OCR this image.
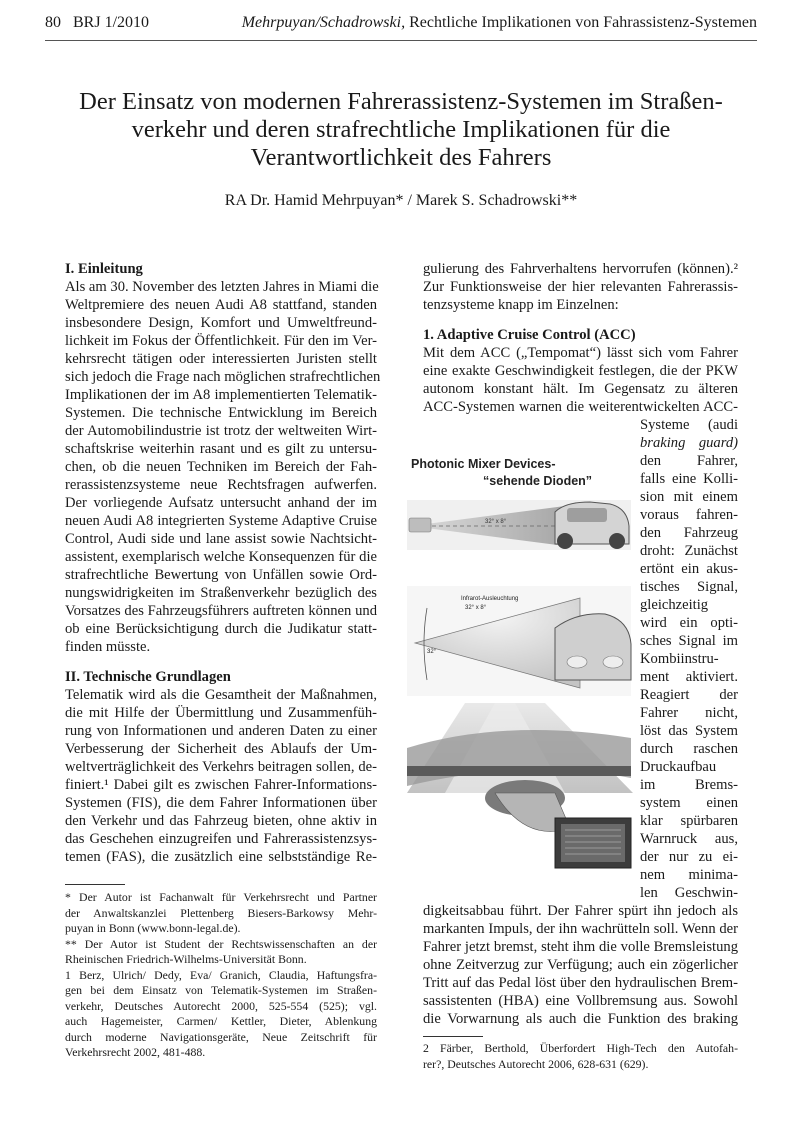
80 BRJ 1/2010	Mehrpuyan/Schadrowski, Rechtliche Implikationen von Fahrassistenz-Systemen
Der Einsatz von modernen Fahrerassistenz-Systemen im Straßen-
verkehr und deren strafrechtliche Implikationen für die
Verantwortlichkeit des Fahrers
RA Dr. Hamid Mehrpuyan* / Marek S. Schadrowski**
I. Einleitung
Als am 30. November des letzten Jahres in Miami die
Weltpremiere des neuen Audi A8 stattfand, standen
insbesondere Design, Komfort und Umweltfreund-
lichkeit im Fokus der Öffentlichkeit. Für den im Ver-
kehrsrecht tätigen oder interessierten Juristen stellt
sich jedoch die Frage nach möglichen strafrechtlichen
Implikationen der im A8 implementierten Telematik-
Systemen. Die technische Entwicklung im Bereich
der Automobilindustrie ist trotz der weltweiten Wirt-
schaftskrise weiterhin rasant und es gilt zu untersu-
chen, ob die neuen Techniken im Bereich der Fah-
rerassistenzsysteme neue Rechtsfragen aufwerfen.
Der vorliegende Aufsatz untersucht anhand der im
neuen Audi A8 integrierten Systeme Adaptive Cruise
Control, Audi side und lane assist sowie Nachtsicht-
assistent, exemplarisch welche Konsequenzen für die
strafrechtliche Bewertung von Unfällen sowie Ord-
nungswidrigkeiten im Straßenverkehr bezüglich des
Vorsatzes des Fahrzeugsführers auftreten können und
ob eine Berücksichtigung durch die Judikatur statt-
finden müsste.
II. Technische Grundlagen
Telematik wird als die Gesamtheit der Maßnahmen,
die mit Hilfe der Übermittlung und Zusammenfüh-
rung von Informationen und anderen Daten zu einer
Verbesserung der Sicherheit des Ablaufs der Um-
weltverträglichkeit des Verkehrs beitragen sollen, de-
finiert.¹ Dabei gilt es zwischen Fahrer-Informations-
Systemen (FIS), die dem Fahrer Informationen über
den Verkehr und das Fahrzeug bieten, ohne aktiv in
das Geschehen einzugreifen und Fahrerassistenzsys-
temen (FAS), die zusätzlich eine selbstständige Re-
* Der Autor ist Fachanwalt für Verkehrsrecht und Partner
der Anwaltskanzlei Plettenberg Biesers-Barkowsy Mehr-
puyan in Bonn (www.bonn-legal.de).
** Der Autor ist Student der Rechtswissenschaften an der
Rheinischen Friedrich-Wilhelms-Universität Bonn.
1 Berz, Ulrich/ Dedy, Eva/ Granich, Claudia, Haftungsfra-
gen bei dem Einsatz von Telematik-Systemen im Straßen-
verkehr, Deutsches Autorecht 2000, 525-554 (525); vgl.
auch Hagemeister, Carmen/ Kettler, Dieter, Ablenkung
durch moderne Navigationsgeräte, Neue Zeitschrift für
Verkehrsrecht 2002, 481-488.
gulierung des Fahrverhaltens hervorrufen (können).²
Zur Funktionsweise der hier relevanten Fahrerassis-
tenzsysteme knapp im Einzelnen:
1. Adaptive Cruise Control (ACC)
Mit dem ACC („Tempomat“) lässt sich vom Fahrer
eine exakte Geschwindigkeit festlegen, die der PKW
autonom konstant hält. Im Gegensatz zu älteren
ACC-Systemen warnen die weiterentwickelten ACC-
Systeme (audi
braking guard)
den Fahrer,
falls eine Kolli-
sion mit einem
voraus fahren-
den Fahrzeug
droht: Zunächst
ertönt ein akus-
tisches Signal,
gleichzeitig
wird ein opti-
sches Signal im
Kombiinstru-
ment aktiviert.
Reagiert der
Fahrer nicht,
löst das System
durch raschen
Druckaufbau
im Brems-
system einen
klar spürbaren
Warnruck aus,
der nur zu ei-
nem minima-
len Geschwin-
Photonic Mixer Devices-
“sehende Dioden”
32° x 8°
Infrarot-Ausleuchtung
32° x 8°
32°
digkeitsabbau führt. Der Fahrer spürt ihn jedoch als
markanten Impuls, der ihn wachrütteln soll. Wenn der
Fahrer jetzt bremst, steht ihm die volle Bremsleistung
ohne Zeitverzug zur Verfügung; auch ein zögerlicher
Tritt auf das Pedal löst über den hydraulischen Brem-
sassistenten (HBA) eine Vollbremsung aus. Sowohl
die Vorwarnung als auch die Funktion des braking
2 Färber, Berthold, Überfordert High-Tech den Autofah-
rer?, Deutsches Autorecht 2006, 628-631 (629).
